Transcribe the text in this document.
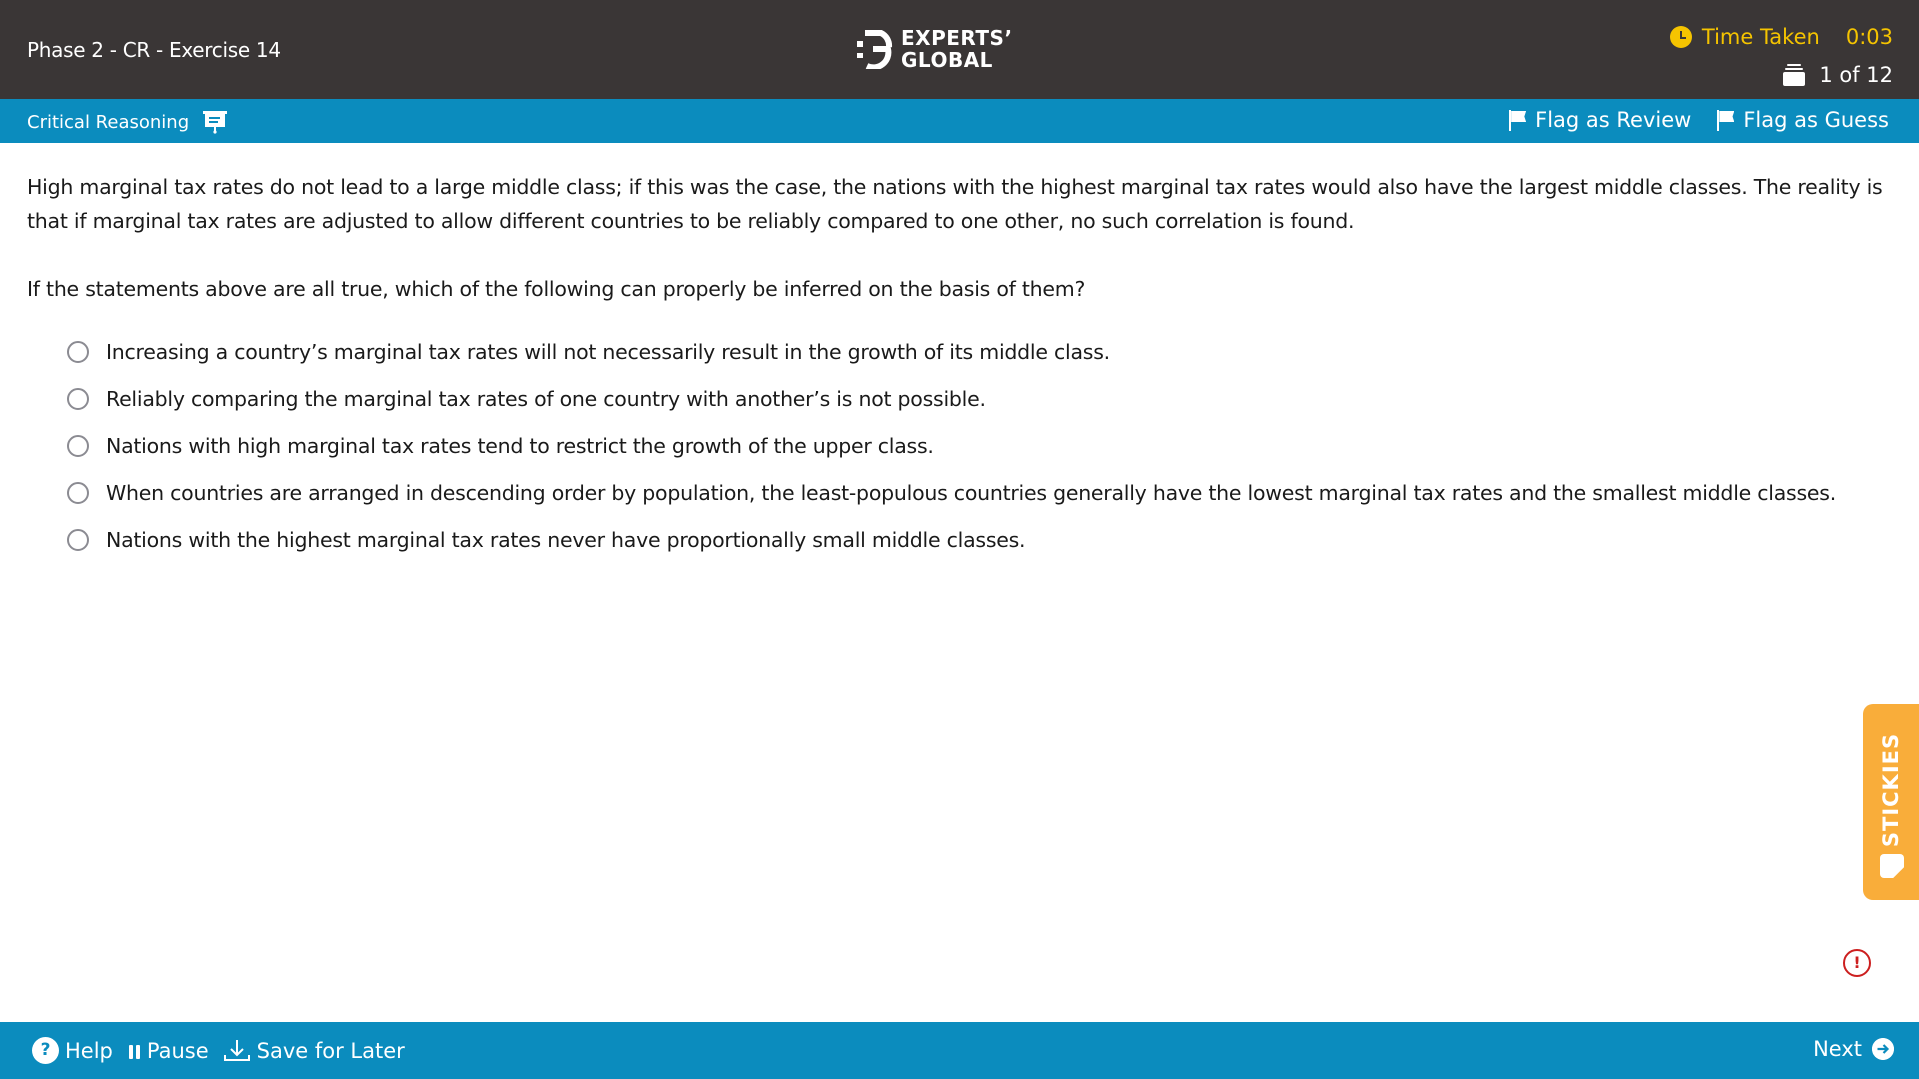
Phase 2 - CR - Exercise 14	EXPERTS’
GLOBAL
Time Taken 0:03
1 of 12
Critical Reasoning	Flag as Review Flag as Guess

High marginal tax rates do not lead to a large middle class; if this was the case, the nations with the highest marginal tax rates would also have the largest middle classes. The reality is that if marginal tax rates are adjusted to allow different countries to be reliably compared to one other, no such correlation is found.

If the statements above are all true, which of the following can properly be inferred on the basis of them?

Increasing a country’s marginal tax rates will not necessarily result in the growth of its middle class.
Reliably comparing the marginal tax rates of one country with another’s is not possible.
Nations with high marginal tax rates tend to restrict the growth of the upper class.
When countries are arranged in descending order by population, the least-populous countries generally have the lowest marginal tax rates and the smallest middle classes.
Nations with the highest marginal tax rates never have proportionally small middle classes.
STICKIES
!
? Help Pause Save for Later	Next
